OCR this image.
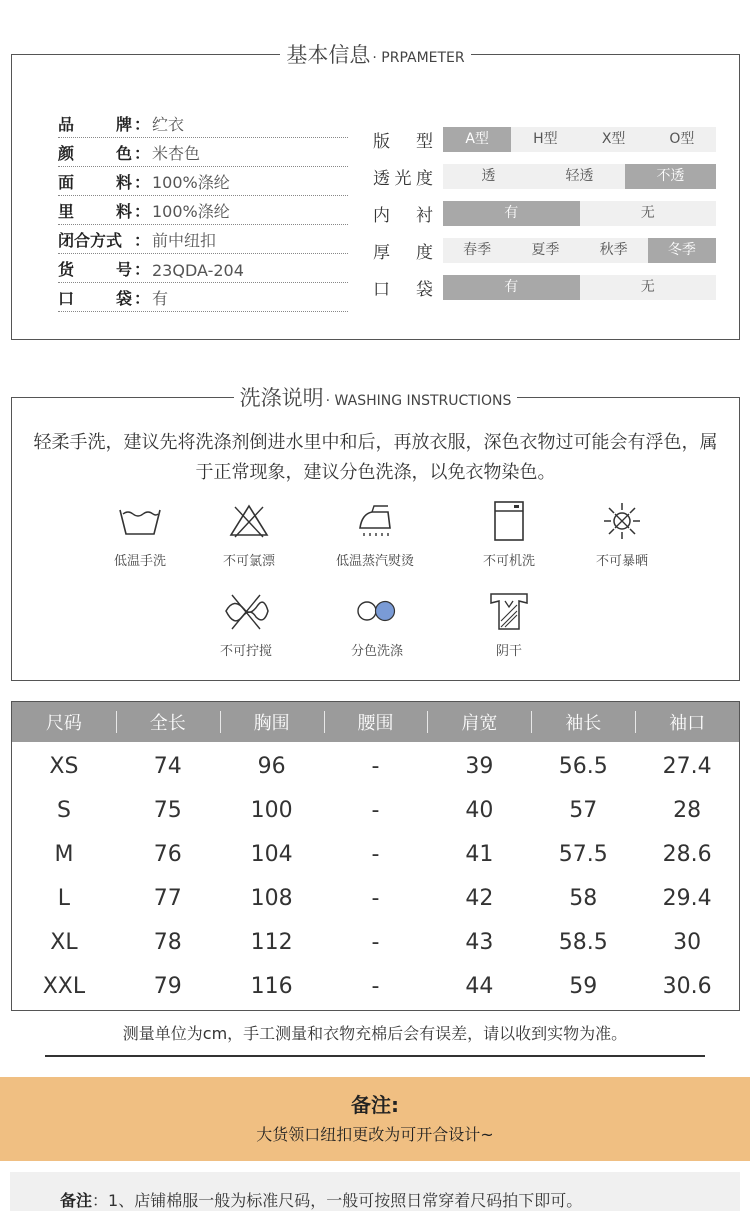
基本信息 · PRPAMETER
品	牌 ： 纻衣
颜	色 ： 米杏色
面	料 ： 100%涤纶
里	料 ： 100%涤纶
闭合方式 ： 前中纽扣
货	号 ： 23QDA-204
口	袋 ： 有
版 型	A型	H型	X型	O型
透 光 度	透	轻透	不透
内 衬	有	无
厚 度	春季	夏季	秋季	冬季
口 袋	有	无
洗涤说明 · WASHING INSTRUCTIONS
轻柔手洗，建议先将洗涤剂倒进水里中和后，再放衣服，深色衣物过可能会有浮色，属于正常现象，建议分色洗涤，以免衣物染色。
低温手洗	不可氯漂	低温蒸汽熨烫	不可机洗	不可暴晒
不可拧搅	分色洗涤	阴干
尺码	全长	胸围	腰围	肩宽	袖长	袖口
XS	74	96	-	39	56.5	27.4
S	75	100	-	40	57	28
M	76	104	-	41	57.5	28.6
L	77	108	-	42	58	29.4
XL	78	112	-	43	58.5	30
XXL	79	116	-	44	59	30.6
测量单位为cm，手工测量和衣物充棉后会有误差，请以收到实物为准。
备注:
大货领口纽扣更改为可开合设计~
备注：1、店铺棉服一般为标准尺码，一般可按照日常穿着尺码拍下即可。
